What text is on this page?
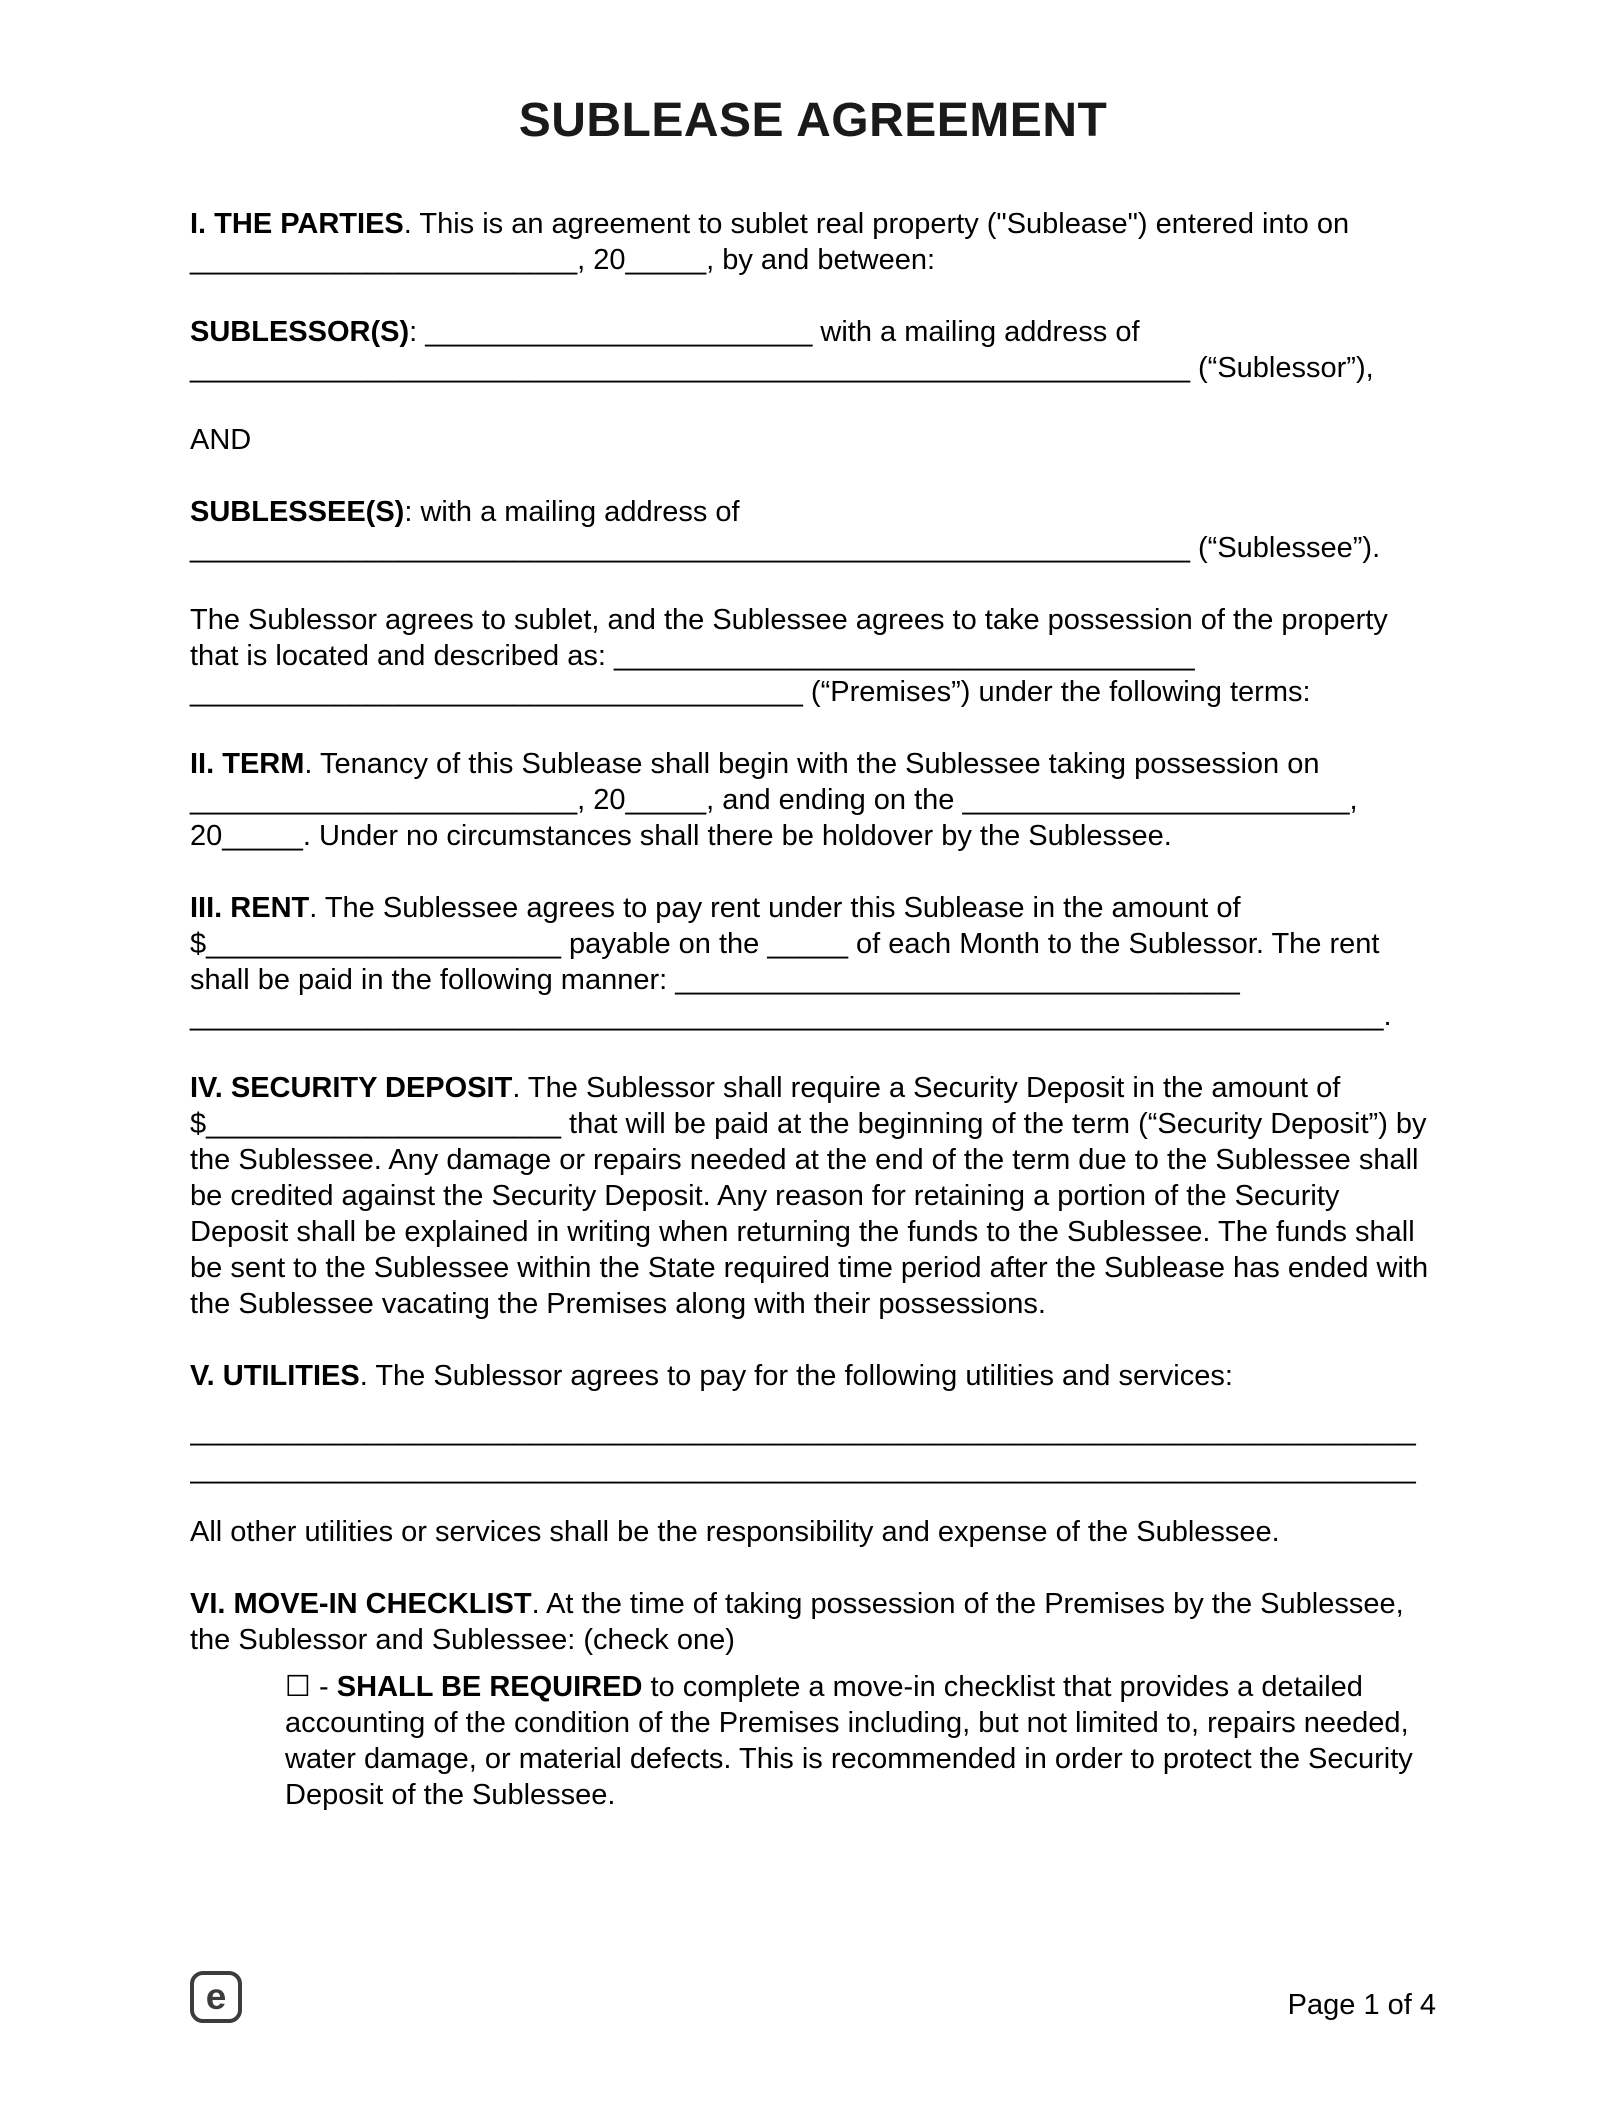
SUBLEASE AGREEMENT

I. THE PARTIES. This is an agreement to sublet real property ("Sublease") entered into on ________________________, 20_____, by and between:

SUBLESSOR(S): ________________________ with a mailing address of ______________________________________________________________ (“Sublessor”),

AND

SUBLESSEE(S): with a mailing address of ______________________________________________________________ (“Sublessee”).

The Sublessor agrees to sublet, and the Sublessee agrees to take possession of the property that is located and described as: ____________________________________ ______________________________________ (“Premises”) under the following terms:

II. TERM. Tenancy of this Sublease shall begin with the Sublessee taking possession on ________________________, 20_____, and ending on the ________________________, 20_____. Under no circumstances shall there be holdover by the Sublessee.

III. RENT. The Sublessee agrees to pay rent under this Sublease in the amount of $______________________ payable on the _____ of each Month to the Sublessor. The rent shall be paid in the following manner: ___________________________________ __________________________________________________________________________.

IV. SECURITY DEPOSIT. The Sublessor shall require a Security Deposit in the amount of $______________________ that will be paid at the beginning of the term (“Security Deposit”) by the Sublessee. Any damage or repairs needed at the end of the term due to the Sublessee shall be credited against the Security Deposit. Any reason for retaining a portion of the Security Deposit shall be explained in writing when returning the funds to the Sublessee. The funds shall be sent to the Sublessee within the State required time period after the Sublease has ended with the Sublessee vacating the Premises along with their possessions.

V. UTILITIES. The Sublessor agrees to pay for the following utilities and services:

____________________________________________________________________________
____________________________________________________________________________

All other utilities or services shall be the responsibility and expense of the Sublessee.

VI. MOVE-IN CHECKLIST. At the time of taking possession of the Premises by the Sublessee, the Sublessor and Sublessee: (check one)

☐ - SHALL BE REQUIRED to complete a move-in checklist that provides a detailed accounting of the condition of the Premises including, but not limited to, repairs needed, water damage, or material defects. This is recommended in order to protect the Security Deposit of the Sublessee.

e	Page 1 of 4
